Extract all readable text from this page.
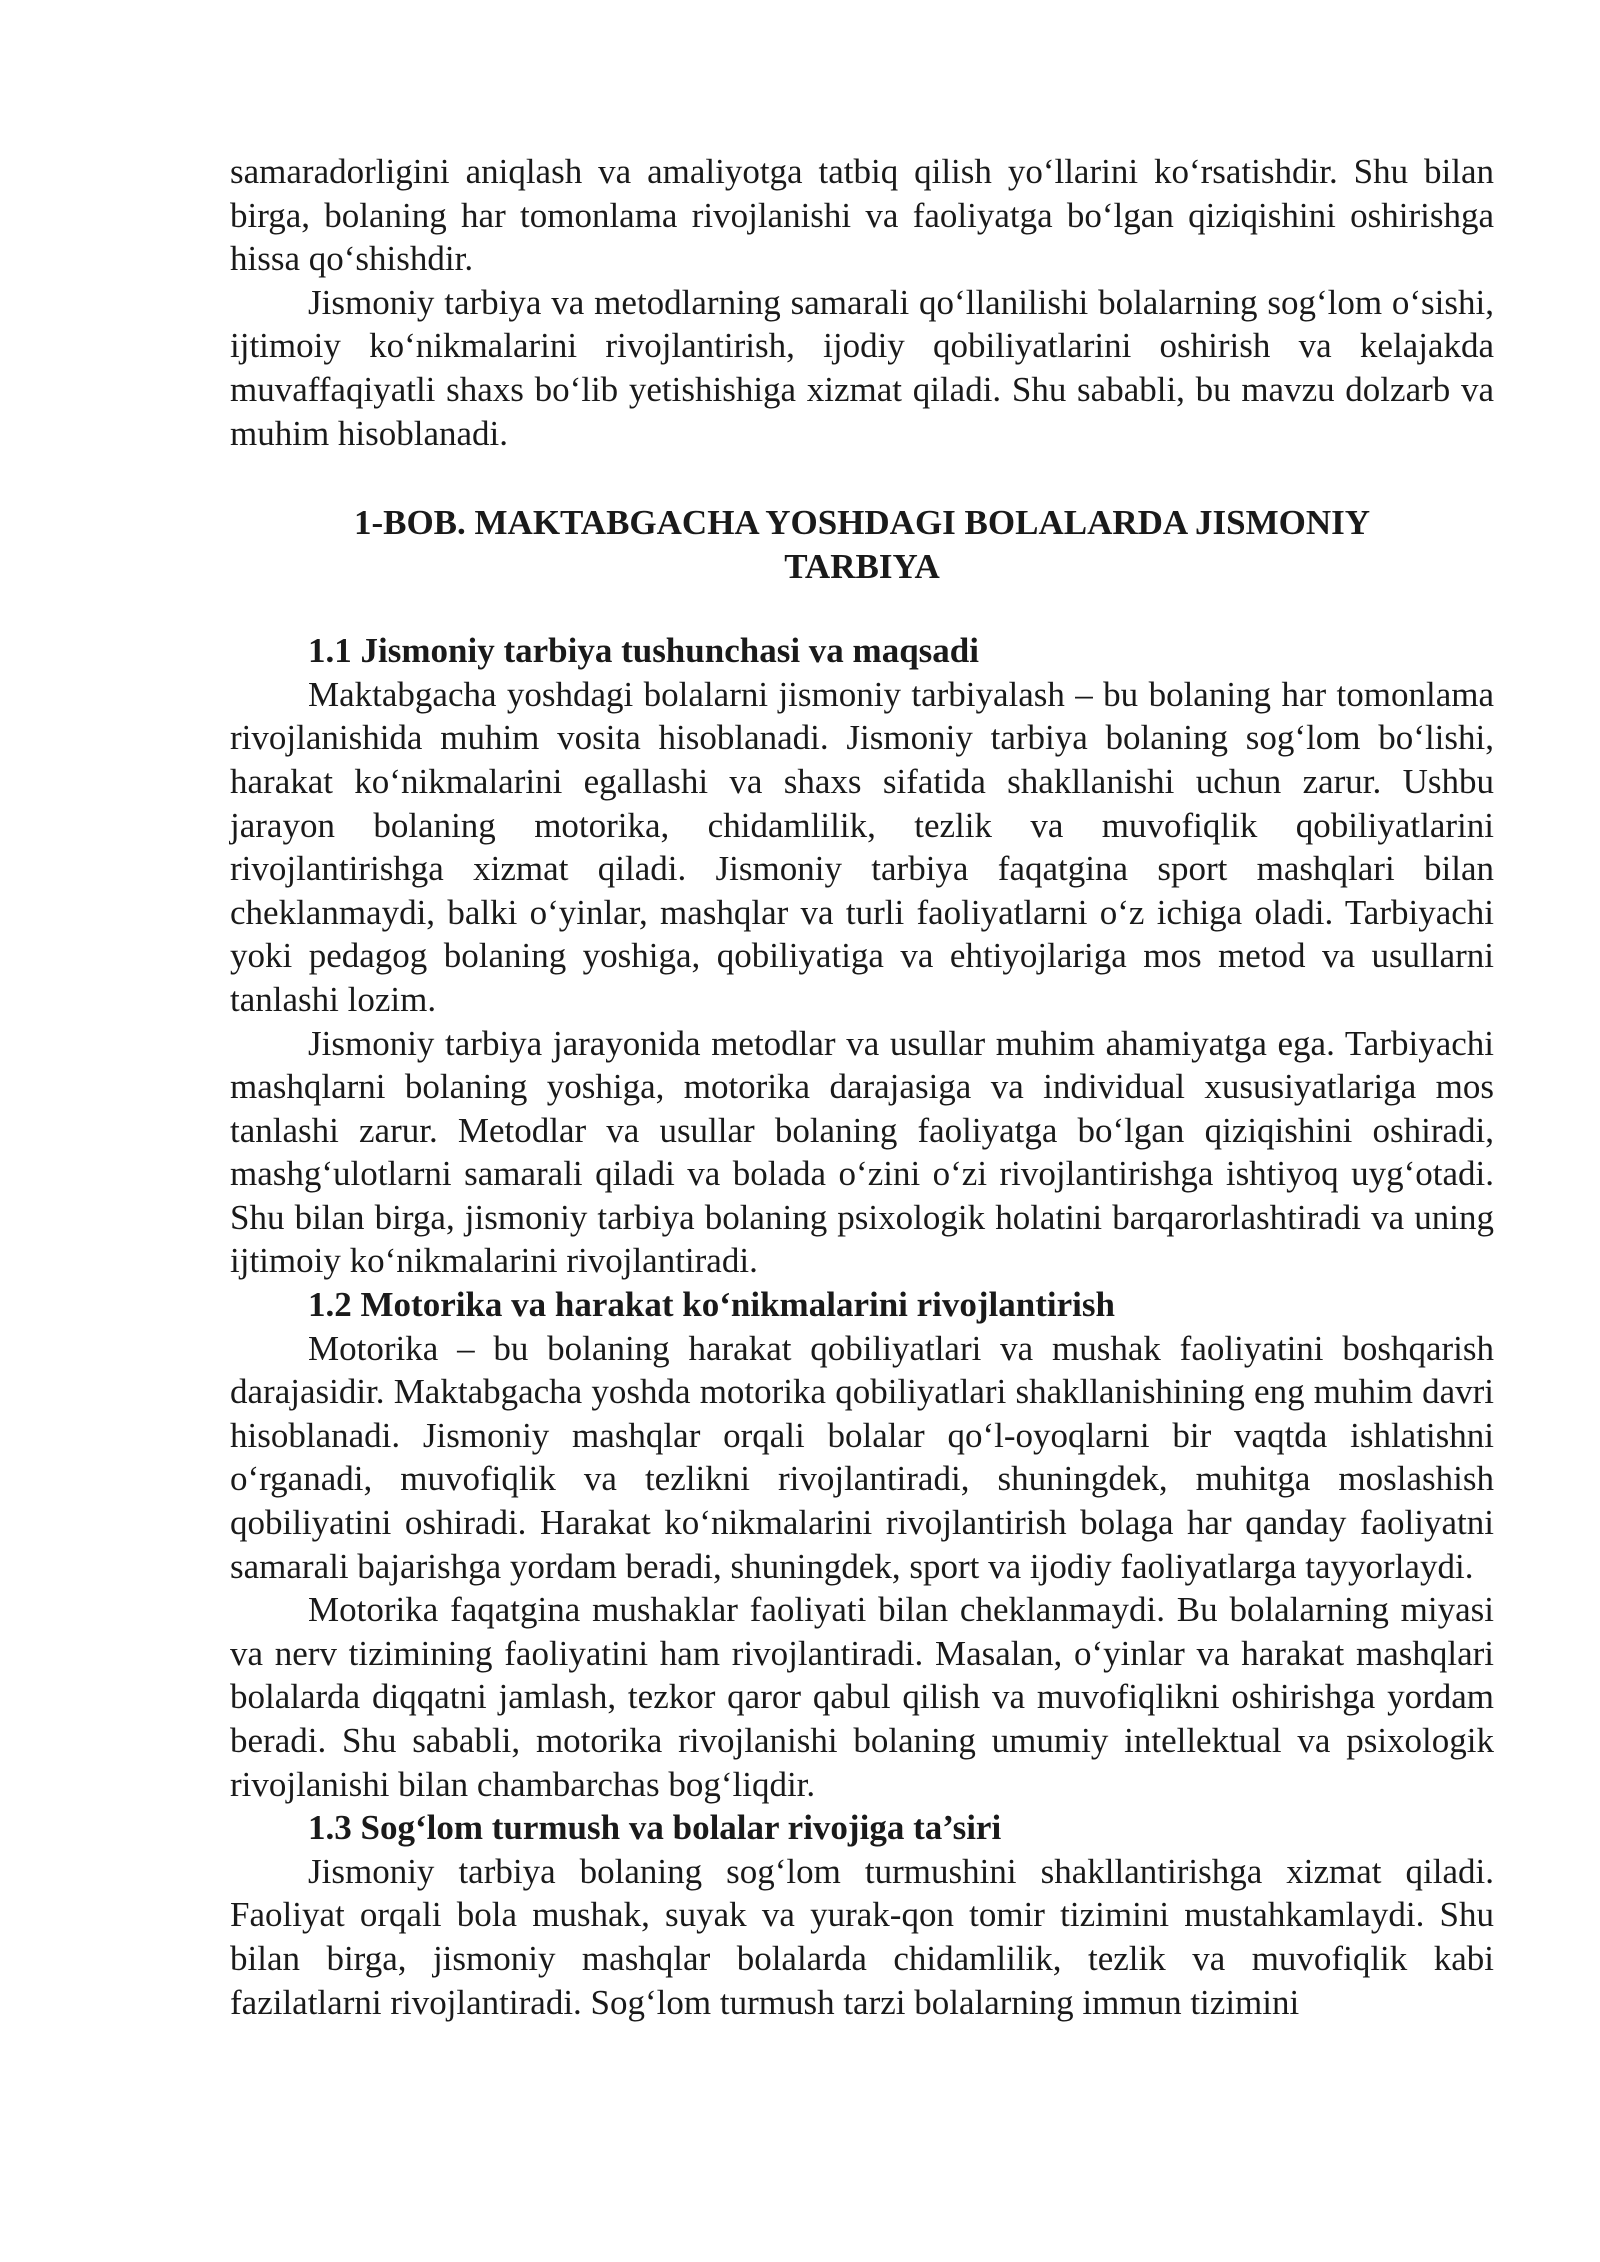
samaradorligini aniqlash va amaliyotga tatbiq qilish yo‘llarini ko‘rsatishdir. Shu bilan birga, bolaning har tomonlama rivojlanishi va faoliyatga bo‘lgan qiziqishini oshirishga hissa qo‘shishdir.

Jismoniy tarbiya va metodlarning samarali qo‘llanilishi bolalarning sog‘lom o‘sishi, ijtimoiy ko‘nikmalarini rivojlantirish, ijodiy qobiliyatlarini oshirish va kelajakda muvaffaqiyatli shaxs bo‘lib yetishishiga xizmat qiladi. Shu sababli, bu mavzu dolzarb va muhim hisoblanadi.

1-BOB. MAKTABGACHA YOSHDAGI BOLALARDA JISMONIY
TARBIYA
1.1 Jismoniy tarbiya tushunchasi va maqsadi

Maktabgacha yoshdagi bolalarni jismoniy tarbiyalash – bu bolaning har tomonlama rivojlanishida muhim vosita hisoblanadi. Jismoniy tarbiya bolaning sog‘lom bo‘lishi, harakat ko‘nikmalarini egallashi va shaxs sifatida shakllanishi uchun zarur. Ushbu jarayon bolaning motorika, chidamlilik, tezlik va muvofiqlik qobiliyatlarini rivojlantirishga xizmat qiladi. Jismoniy tarbiya faqatgina sport mashqlari bilan cheklanmaydi, balki o‘yinlar, mashqlar va turli faoliyatlarni o‘z ichiga oladi. Tarbiyachi yoki pedagog bolaning yoshiga, qobiliyatiga va ehtiyojlariga mos metod va usullarni tanlashi lozim.

Jismoniy tarbiya jarayonida metodlar va usullar muhim ahamiyatga ega. Tarbiyachi mashqlarni bolaning yoshiga, motorika darajasiga va individual xususiyatlariga mos tanlashi zarur. Metodlar va usullar bolaning faoliyatga bo‘lgan qiziqishini oshiradi, mashg‘ulotlarni samarali qiladi va bolada o‘zini o‘zi rivojlantirishga ishtiyoq uyg‘otadi. Shu bilan birga, jismoniy tarbiya bolaning psixologik holatini barqarorlashtiradi va uning ijtimoiy ko‘nikmalarini rivojlantiradi.

1.2 Motorika va harakat ko‘nikmalarini rivojlantirish

Motorika – bu bolaning harakat qobiliyatlari va mushak faoliyatini boshqarish darajasidir. Maktabgacha yoshda motorika qobiliyatlari shakllanishining eng muhim davri hisoblanadi. Jismoniy mashqlar orqali bolalar qo‘l-oyoqlarni bir vaqtda ishlatishni o‘rganadi, muvofiqlik va tezlikni rivojlantiradi, shuningdek, muhitga moslashish qobiliyatini oshiradi. Harakat ko‘nikmalarini rivojlantirish bolaga har qanday faoliyatni samarali bajarishga yordam beradi, shuningdek, sport va ijodiy faoliyatlarga tayyorlaydi.

Motorika faqatgina mushaklar faoliyati bilan cheklanmaydi. Bu bolalarning miyasi va nerv tizimining faoliyatini ham rivojlantiradi. Masalan, o‘yinlar va harakat mashqlari bolalarda diqqatni jamlash, tezkor qaror qabul qilish va muvofiqlikni oshirishga yordam beradi. Shu sababli, motorika rivojlanishi bolaning umumiy intellektual va psixologik rivojlanishi bilan chambarchas bog‘liqdir.

1.3 Sog‘lom turmush va bolalar rivojiga ta’siri

Jismoniy tarbiya bolaning sog‘lom turmushini shakllantirishga xizmat qiladi. Faoliyat orqali bola mushak, suyak va yurak-qon tomir tizimini mustahkamlaydi. Shu bilan birga, jismoniy mashqlar bolalarda chidamlilik, tezlik va muvofiqlik kabi fazilatlarni rivojlantiradi. Sog‘lom turmush tarzi bolalarning immun tizimini
